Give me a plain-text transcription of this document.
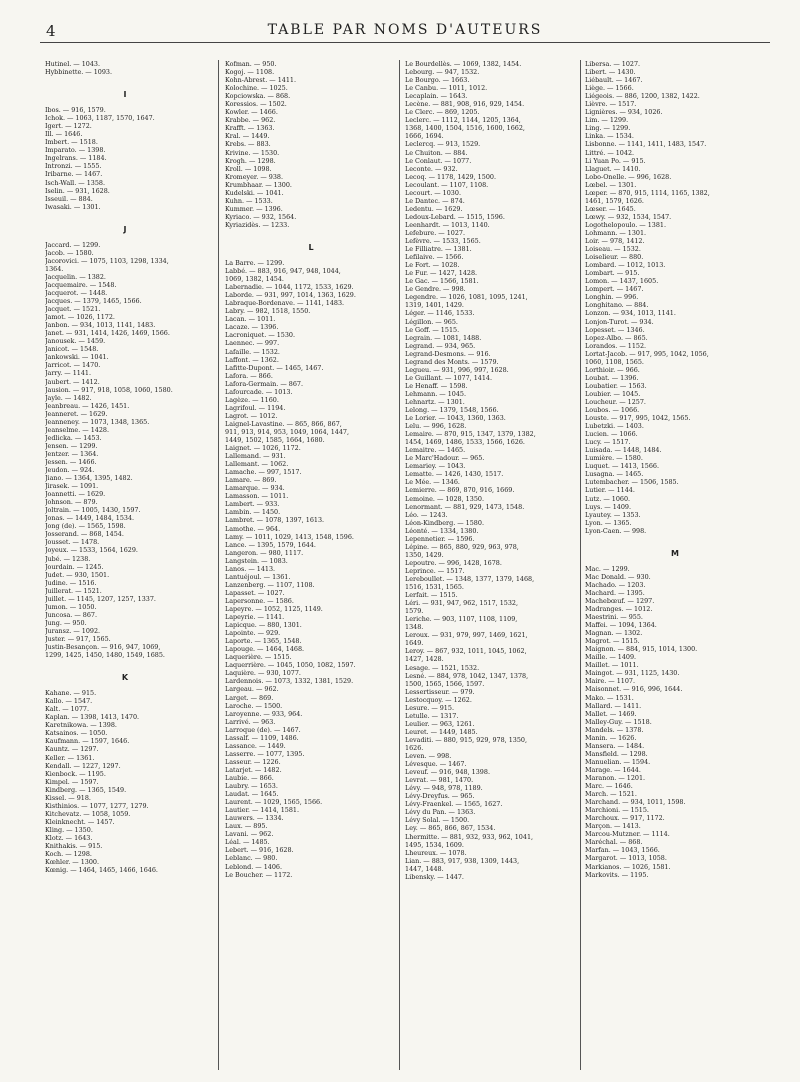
4	TABLE PAR NOMS D'AUTEURS
Hutinel. — 1043.
Hybbinette. — 1093.
I
Ibos. — 916, 1579.
Ichok. — 1063, 1187, 1570, 1647.
Igert. — 1272.
Ill. — 1646.
Imbert. — 1518.
Imparato. — 1398.
Ingelrans. — 1184.
Intronzi. — 1555.
Iribarne. — 1467.
Isch-Wall. — 1358.
Iselin. — 931, 1628.
Isseuil. — 884.
Iwasaki. — 1301.
J
Jaccard. — 1299.
Jacob. — 1580.
Jacorovici. — 1075, 1103, 1298, 1334,
1364.
Jacquelin. — 1382.
Jacquemaire. — 1548.
Jacquerot. — 1448.
Jacques. — 1379, 1465, 1566.
Jacquet. — 1521.
Jamot. — 1026, 1172.
Janbon. — 934, 1013, 1141, 1483.
Janet. — 931, 1414, 1426, 1469, 1566.
Janousek. — 1459.
Janicot. — 1548.
Jankowski. — 1041.
Jarricot. — 1470.
Jarry. — 1141.
Jaubert. — 1412.
Jausion. — 917, 918, 1058, 1060, 1580.
Jayle. — 1482.
Jeanbreau. — 1426, 1451.
Jeanneret. — 1629.
Jeanneney. — 1073, 1348, 1365.
Jeanselme. — 1428.
Jedlicka. — 1453.
Jensen. — 1299.
Jentzer. — 1364.
Jessen. — 1466.
Jeudon. — 924.
Jiano. — 1364, 1395, 1482.
Jirasek. — 1091.
Joannetti. — 1629.
Johnson. — 879.
Joltrain. — 1005, 1430, 1597.
Jonas. — 1449, 1484, 1534.
Jong (de). — 1565, 1598.
Josserand. — 868, 1454.
Jousset. — 1478.
Joyeux. — 1533, 1564, 1629.
Jubé. — 1238.
Jourdain. — 1245.
Judet. — 930, 1501.
Judine. — 1516.
Juillerat. — 1521.
Juillet. — 1145, 1207, 1257, 1337.
Jumon. — 1050.
Juncosa. — 867.
Jung. — 950.
Juransz. — 1092.
Juster. — 917, 1565.
Justin-Besançon. — 916, 947, 1069,
1299, 1425, 1450, 1480, 1549, 1685.
K
Kahane. — 915.
Kallo. — 1547.
Kalt. — 1077.
Kaplan. — 1398, 1413, 1470.
Karetnikowa. — 1398.
Katsainos. — 1050.
Kaufmann. — 1597, 1646.
Kauntz. — 1297.
Keller. — 1361.
Kendall. — 1227, 1297.
Kienbock. — 1195.
Kimpel. — 1597.
Kindberg. — 1365, 1549.
Kissel. — 918.
Kisthinios. — 1077, 1277, 1279.
Kitchevatz. — 1058, 1059.
Kleinknecht. — 1457.
Kling. — 1350.
Klotz. — 1643.
Knithakis. — 915.
Koch. — 1298.
Kœhler. — 1300.
Kœnig. — 1464, 1465, 1466, 1646.
Kofman. — 950.
Kogoj. — 1108.
Kohn-Abrest. — 1411.
Kolochine. — 1025.
Kopciowska. — 868.
Koressios. — 1502.
Kowler. — 1466.
Krabbe. — 962.
Krafft. — 1363.
Kral. — 1449.
Krebs. — 883.
Krivine. — 1530.
Krogh. — 1298.
Kroll. — 1098.
Kromeyer. — 938.
Krumbhaar. — 1300.
Kudelski. — 1041.
Kuhn. — 1533.
Kummer. — 1396.
Kyriaco. — 932, 1564.
Kyriazidès. — 1233.
L
La Barre. — 1299.
Labbé. — 883, 916, 947, 948, 1044,
1069, 1382, 1454.
Labernadie. — 1044, 1172, 1533, 1629.
Laborde. — 931, 997, 1014, 1363, 1629.
Labraque-Bordenave. — 1141, 1483.
Labry. — 982, 1518, 1550.
Lacan. — 1011.
Lacaze. — 1396.
Lacroniquet. — 1530.
Laennec. — 997.
Lafaille. — 1532.
Laffont. — 1362.
Lafitte-Dupont. — 1465, 1467.
Lafora. — 866.
Lafora-Germain. — 867.
Lafourcade. — 1013.
Lagèze. — 1160.
Lagrifoul. — 1194.
Lagrot. — 1012.
Laignel-Lavastine. — 865, 866, 867,
911, 913, 914, 953, 1049, 1064, 1447,
1449, 1502, 1585, 1664, 1680.
Laignet. — 1026, 1172.
Lallemand. — 931.
Lallemant. — 1062.
Lamache. — 997, 1517.
Lamare. — 869.
Lamarque. — 934.
Lamasson. — 1011.
Lambert. — 933.
Lambin. — 1450.
Lambret. — 1078, 1397, 1613.
Lamothe. — 964.
Lamy. — 1011, 1029, 1413, 1548, 1596.
Lance. — 1395, 1579, 1644.
Langeron. — 980, 1117.
Langstein. — 1083.
Lanos. — 1413.
Lantuéjoul. — 1361.
Lanzenberg. — 1107, 1108.
Lapasset. — 1027.
Lapersonne. — 1586.
Lapeyre. — 1052, 1125, 1149.
Lapeyrie. — 1141.
Lapicque. — 880, 1301.
Lapointe. — 929.
Laporte. — 1365, 1548.
Lapouge. — 1464, 1468.
Laquerière. — 1515.
Laquerrière. — 1045, 1050, 1082, 1597.
Laquière. — 930, 1077.
Lardennois. — 1073, 1332, 1381, 1529.
Largeau. — 962.
Larget. — 869.
Laroche. — 1500.
Laroyenne. — 933, 964.
Larrivé. — 963.
Larroque (de). — 1467.
Lassalf. — 1109, 1486.
Lassance. — 1449.
Lasserre. — 1077, 1395.
Lasseur. — 1226.
Latarjet. — 1482.
Laubie. — 866.
Laubry. — 1653.
Laudat. — 1645.
Laurent. — 1029, 1565, 1566.
Lautier. — 1414, 1581.
Lauwers. — 1334.
Laux. — 895.
Lavani. — 962.
Léal. — 1485.
Lebert. — 916, 1628.
Leblanc. — 980.
Leblond. — 1406.
Le Boucher. — 1172.
Le Bourdellès. — 1069, 1382, 1454.
Lebourg. — 947, 1532.
Le Bourgo. — 1663.
Le Canbu. — 1011, 1012.
Lecaplain. — 1643.
Lecène. — 881, 908, 916, 929, 1454.
Le Clerc. — 869, 1205.
Leclerc. — 1112, 1144, 1205, 1364,
1368, 1400, 1504, 1516, 1600, 1662,
1666, 1694.
Leclercq. — 913, 1529.
Le Chuiton. — 884.
Le Conlaut. — 1077.
Leconte. — 932.
Lecoq. — 1178, 1429, 1500.
Lecoulant. — 1107, 1108.
Lecourt. — 1030.
Le Dantec. — 874.
Ledentu. — 1629.
Ledoux-Lebard. — 1515, 1596.
Leenhardt. — 1013, 1140.
Lefebure. — 1027.
Lefèvre. — 1533, 1565.
Le Filliatre. — 1381.
Lefilaive. — 1566.
Le Fort. — 1028.
Le Fur. — 1427, 1428.
Le Gac. — 1566, 1581.
Le Gendre. — 998.
Legendre. — 1026, 1081, 1095, 1241,
1319, 1401, 1429.
Léger. — 1146, 1533.
Légillon. — 965.
Le Goff. — 1515.
Legrain. — 1081, 1488.
Legrand. — 934, 965.
Legrand-Desmons. — 916.
Legrand des Monts. — 1579.
Legueu. — 931, 996, 997, 1628.
Le Guillant. — 1077, 1414.
Le Henaff. — 1598.
Lehmann. — 1045.
Lehnartz. — 1301.
Lelong. — 1379, 1548, 1566.
Le Lorier. — 1043, 1360, 1363.
Lelu. — 996, 1628.
Lemaire. — 870, 915, 1347, 1379, 1382,
1454, 1469, 1486, 1533, 1566, 1626.
Lemaitre. — 1465.
Le Marc'Hadour. — 965.
Lemariey. — 1043.
Lematte. — 1426, 1430, 1517.
Le Mée. — 1346.
Lemierre. — 869, 870, 916, 1669.
Lemoine. — 1028, 1350.
Lenormant. — 881, 929, 1473, 1548.
Léo. — 1243.
Léon-Kindberg. — 1580.
Léonté. — 1334, 1380.
Lepennetier. — 1596.
Lépine. — 865, 880, 929, 963, 978,
1350, 1429.
Lepoutre. — 996, 1428, 1678.
Leprince. — 1517.
Lereboullet. — 1348, 1377, 1379, 1468,
1516, 1531, 1565.
Lerfait. — 1515.
Léri. — 931, 947, 962, 1517, 1532,
1579.
Leriche. — 903, 1107, 1108, 1109,
1348.
Leroux. — 931, 979, 997, 1469, 1621,
1649.
Leroy. — 867, 932, 1011, 1045, 1062,
1427, 1428.
Lesage. — 1521, 1532.
Lesné. — 884, 978, 1042, 1347, 1378,
1500, 1565, 1566, 1597.
Lessertisseur. — 979.
Lestocquoy. — 1262.
Lesure. — 915.
Letulle. — 1317.
Leulier. — 963, 1261.
Leuret. — 1449, 1485.
Levaditi. — 880, 915, 929, 978, 1350,
1626.
Leven. — 998.
Lévesque. — 1467.
Leveuf. — 916, 948, 1398.
Levrat. — 981, 1470.
Lévy. — 948, 978, 1189.
Lévy-Dreyfus. — 965.
Lévy-Fraenkel. — 1565, 1627.
Lévy du Pan. — 1363.
Lévy Solal. — 1500.
Ley. — 865, 866, 867, 1534.
Lhermitte. — 881, 932, 933, 962, 1041,
1495, 1534, 1609.
Lheureux. — 1078.
Lian. — 883, 917, 938, 1309, 1443,
1447, 1448.
Libensky. — 1447.
Libersa. — 1027.
Libert. — 1430.
Liébault. — 1467.
Liège. — 1566.
Liégeois. — 886, 1200, 1382, 1422.
Lièvre. — 1517.
Lignières. — 934, 1026.
Lim. — 1299.
Ling. — 1299.
Linka. — 1534.
Lisbonne. — 1141, 1411, 1483, 1547.
Littré. — 1042.
Li Yuan Po. — 915.
Llaguet. — 1410.
Lobo-Onelle. — 996, 1628.
Lœbel. — 1301.
Lœper. — 870, 915, 1114, 1165, 1382,
1461, 1579, 1626.
Lœser. — 1645.
Lœwy. — 932, 1534, 1547.
Logothelopoulo. — 1381.
Lohmann. — 1301.
Loir. — 978, 1412.
Loiseau. — 1532.
Loiselieur. — 880.
Lombard. — 1012, 1013.
Lombart. — 915.
Lomon. — 1437, 1605.
Lompert. — 1467.
Longhin. — 996.
Longhitano. — 884.
Lonzon. — 934, 1013, 1141.
Lonjon-Turot. — 934.
Lopesset. — 1346.
Lopez-Albo. — 865.
Lorandos. — 1152.
Lortat-Jacob. — 917, 995, 1042, 1056,
1060, 1108, 1565.
Lorthioir. — 966.
Loubat. — 1396.
Loubatier. — 1563.
Loubier. — 1045.
Loucheur. — 1257.
Loubos. — 1066.
Louste. — 917, 995, 1042, 1565.
Lubetzki. — 1403.
Lucien. — 1066.
Lucy. — 1517.
Luisada. — 1448, 1484.
Lumière. — 1580.
Luquet. — 1413, 1566.
Lusagna. — 1465.
Lutembacher. — 1506, 1585.
Lutier. — 1144.
Lutz. — 1060.
Luys. — 1409.
Lyautey. — 1353.
Lyon. — 1365.
Lyon-Caen. — 998.
M
Mac. — 1299.
Mac Donald. — 930.
Machado. — 1203.
Machard. — 1395.
Machebœuf. — 1297.
Madranges. — 1012.
Maestrini. — 955.
Maffei. — 1094, 1364.
Magnan. — 1302.
Magrot. — 1515.
Maignon. — 884, 915, 1014, 1300.
Maille. — 1409.
Maillet. — 1011.
Maingot. — 931, 1125, 1430.
Maire. — 1107.
Maisonnet. — 916, 996, 1644.
Mako. — 1531.
Mallard. — 1411.
Mallet. — 1469.
Malley-Guy. — 1518.
Mandels. — 1378.
Manin. — 1626.
Mansera. — 1484.
Mansfield. — 1298.
Manuelian. — 1594.
Marage. — 1644.
Maranon. — 1201.
Marc. — 1646.
March. — 1521.
Marchand. — 934, 1011, 1598.
Marchioni. — 1515.
Marchoux. — 917, 1172.
Marçon. — 1413.
Marcou-Mutzner. — 1114.
Maréchal. — 868.
Marfan. — 1043, 1566.
Margarot. — 1013, 1058.
Markianos. — 1026, 1581.
Markovits. — 1195.
